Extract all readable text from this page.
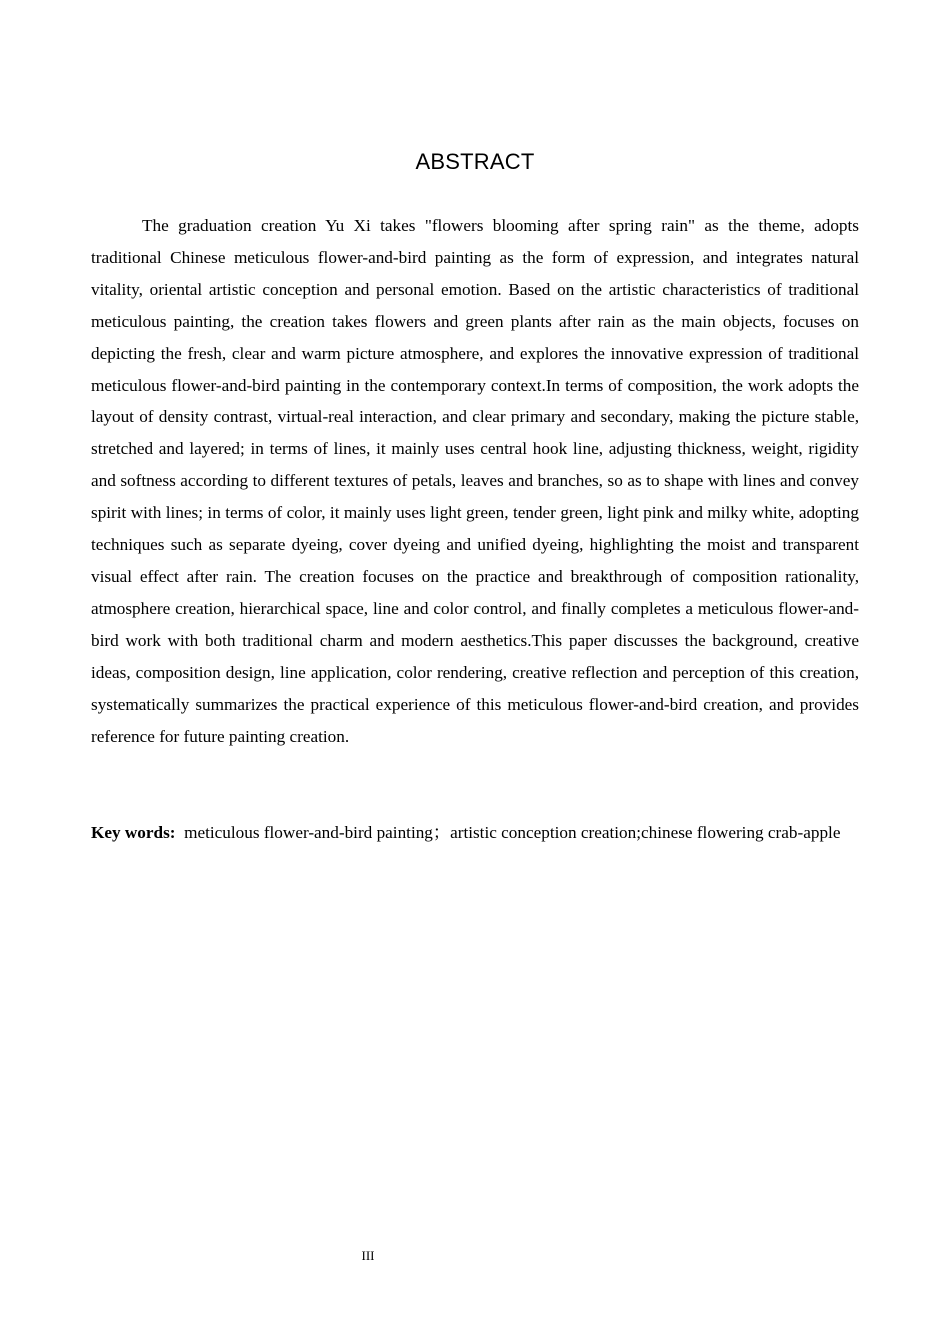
ABSTRACT

The graduation creation Yu Xi takes "flowers blooming after spring rain" as the theme, adopts traditional Chinese meticulous flower-and-bird painting as the form of expression, and integrates natural vitality, oriental artistic conception and personal emotion. Based on the artistic characteristics of traditional meticulous painting, the creation takes flowers and green plants after rain as the main objects, focuses on depicting the fresh, clear and warm picture atmosphere, and explores the innovative expression of traditional meticulous flower-and-bird painting in the contemporary context.In terms of composition, the work adopts the layout of density contrast, virtual-real interaction, and clear primary and secondary, making the picture stable, stretched and layered; in terms of lines, it mainly uses central hook line, adjusting thickness, weight, rigidity and softness according to different textures of petals, leaves and branches, so as to shape with lines and convey spirit with lines; in terms of color, it mainly uses light green, tender green, light pink and milky white, adopting techniques such as separate dyeing, cover dyeing and unified dyeing, highlighting the moist and transparent visual effect after rain. The creation focuses on the practice and breakthrough of composition rationality, atmosphere creation, hierarchical space, line and color control, and finally completes a meticulous flower-and-bird work with both traditional charm and modern aesthetics.This paper discusses the background, creative ideas, composition design, line application, color rendering, creative reflection and perception of this creation, systematically summarizes the practical experience of this meticulous flower-and-bird creation, and provides reference for future painting creation.

Key words: meticulous flower-and-bird painting；artistic conception creation;chinese flowering crab-apple

III
